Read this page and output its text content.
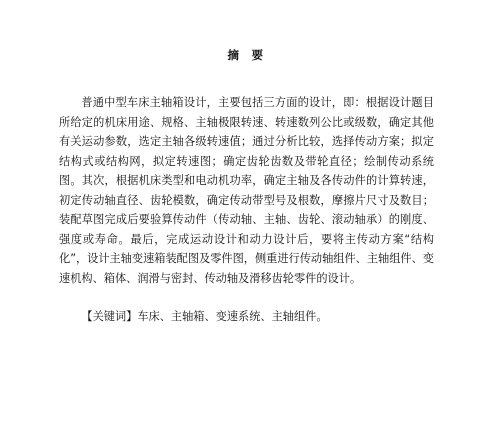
摘　要

普通中型车床主轴箱设计，主要包括三方面的设计，即：根据设计题目所给定的机床用途、规格、主轴极限转速、转速数列公比或级数，确定其他有关运动参数，选定主轴各级转速值；通过分析比较，选择传动方案；拟定结构式或结构网，拟定转速图；确定齿轮齿数及带轮直径；绘制传动系统图。其次，根据机床类型和电动机功率，确定主轴及各传动件的计算转速，初定传动轴直径、齿轮模数，确定传动带型号及根数，摩擦片尺寸及数目；装配草图完成后要验算传动件（传动轴、主轴、齿轮、滚动轴承）的刚度、强度或寿命。最后，完成运动设计和动力设计后，要将主传动方案“结构化”，设计主轴变速箱装配图及零件图，侧重进行传动轴组件、主轴组件、变速机构、箱体、润滑与密封、传动轴及滑移齿轮零件的设计。

【关键词】车床、主轴箱、变速系统、主轴组件。
